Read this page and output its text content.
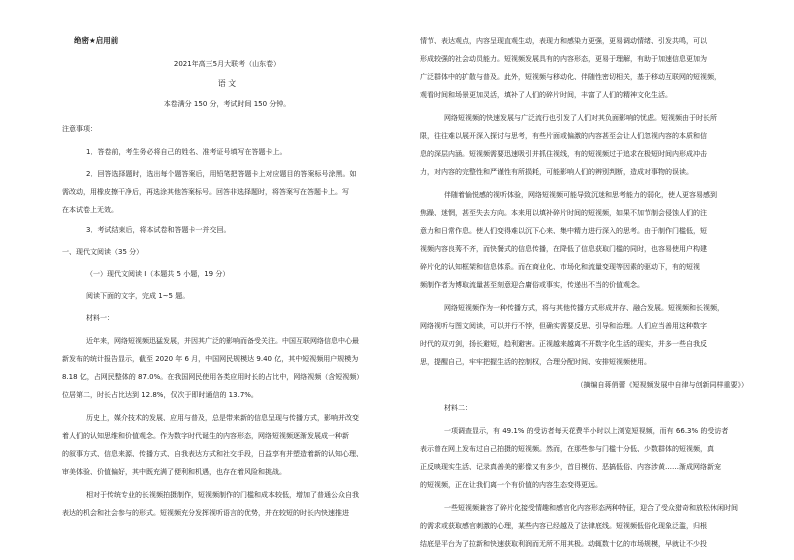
绝密★启用前
2021年高三5月大联考（山东卷）
语 文
本卷满分 150 分，考试时间 150 分钟。
注意事项：
1．答卷前，考生务必将自己的姓名、准考证号填写在答题卡上。
2．回答选择题时，选出每个题答案后，用铅笔把答题卡上对应题目的答案标号涂黑。如
需改动，用橡皮擦干净后，再选涂其他答案标号。回答非选择题时，将答案写在答题卡上。写
在本试卷上无效。
3．考试结束后，将本试卷和答题卡一并交回。
一、现代文阅读（35 分）
（一）现代文阅读 I（本题共 5 小题，19 分）
阅读下面的文字，完成 1~5 题。
材料一：
近年来，网络短视频迅猛发展，并因其广泛的影响而备受关注。中国互联网络信息中心最
新发布的统计报告显示，截至 2020 年 6 月，中国网民规模达 9.40 亿，其中短视频用户规模为
8.18 亿，占网民整体的 87.0%。在我国网民使用各类应用时长的占比中，网络视频（含短视频）
位居第二，时长占比达到 12.8%，仅次于即时通信的 13.7%。
历史上，媒介技术的发展、应用与普及，总是带来新的信息呈现与传播方式，影响并改变
着人们的认知思维和价值观念。作为数字时代诞生的内容形态，网络短视频逐渐发展成一种新
的叙事方式、信息来源、传播方式、自我表达方式和社交手段，日益享有并塑造着新的认知心理、
审美体验、价值偏好，其中既充满了便利和机遇，也存在着风险和挑战。
相对于传统专业的长视频拍摄制作，短视频制作的门槛和成本较低，增加了普通公众自我
表达的机会和社会参与的形式。短视频充分发挥视听语言的优势，并在较短的时长内快速推进
情节、表达观点，内容呈现直观生动，表现力和感染力更强，更易调动情绪、引发共鸣，可以
形成较强的社会动员能力。短视频发展具有的内容形态，更易于理解，有助于加速信息更加为
广泛群体中的扩散与普及。此外，短视频与移动化、伴随性密切相关，基于移动互联网的短视频，
观看时间和场景更加灵活，填补了人们的碎片时间，丰富了人们的精神文化生活。
网络短视频的快速发展与广泛流行也引发了人们对其负面影响的忧虑。短视频由于时长所
限，往往难以展开深入探讨与思考，有些片面或偏激的内容甚至会让人们忽视内容的本质和信
息的深层内涵。短视频需要迅速吸引并抓住视线，有的短视频过于追求在极短时间内形成冲击
力，对内容的完整性和严谨性有所损耗，可能影响人们的辨别判断，造成对事物的误读。
伴随着愉悦感的视听体验，网络短视频可能导致沉迷和思考能力的弱化，使人更容易感到
焦躁、迷惘，甚至失去方向。本来用以填补碎片时间的短视频，如果不加节制会侵蚀人们的注
意力和日常作息。使人们变得难以沉下心来、集中精力进行深入的思考。由于制作门槛低，短
视频内容良莠不齐，而快餐式的信息传播，在降低了信息获取门槛的同时，也容易使用户构建
碎片化的认知框架和信息体系。而在商业化、市场化和流量变现等因素的驱动下，有的短视
频制作者为博取流量甚至刻意迎合庸俗或事实，传递出不当的价值观念。
网络短视频作为一种传播方式，将与其他传播方式形成并存、融合发展。短视频和长视频，
网络视听与图文阅读，可以并行不悖，但确实需要反思、引导和治理。人们应当善用这种数字
时代的双刃剑，扬长避短，趋利避害。正视越来越离不开数字化生活的现实，并多一些自我反
思，提醒自己，牢牢把握生活的控制权，合理分配时间、安排短视频使用。
（摘编自蒋俏蕾《短视频发展中自律与创新同样重要》）
材料二：
一项调查显示，有 49.1% 的受访者每天花费半小时以上浏览短视频，而有 66.3% 的受访者
表示曾在网上发布过自己拍摄的短视频。然而，在那些参与门槛十分低、少数群体的短视频，真
正反映现实生活、记录真善美的影像又有多少，首目模仿、恶搞低俗、内容涉黄……渐成网络新宠
的短视频，正在让我们离一个有价值的内容生态变得更远。
一些短视频兼容了碎片化接受情趣和感官化内容形态两种特征，迎合了受众猎奇和放松休闲时间
的需求或获取感官刺激的心理，某些内容已经越及了法律底线。短视频低俗化现象泛滥，归根
结底是平台为了拉新和快速获取利润而无所不用其极。动辄数十亿的市场规模，早就让不少投
